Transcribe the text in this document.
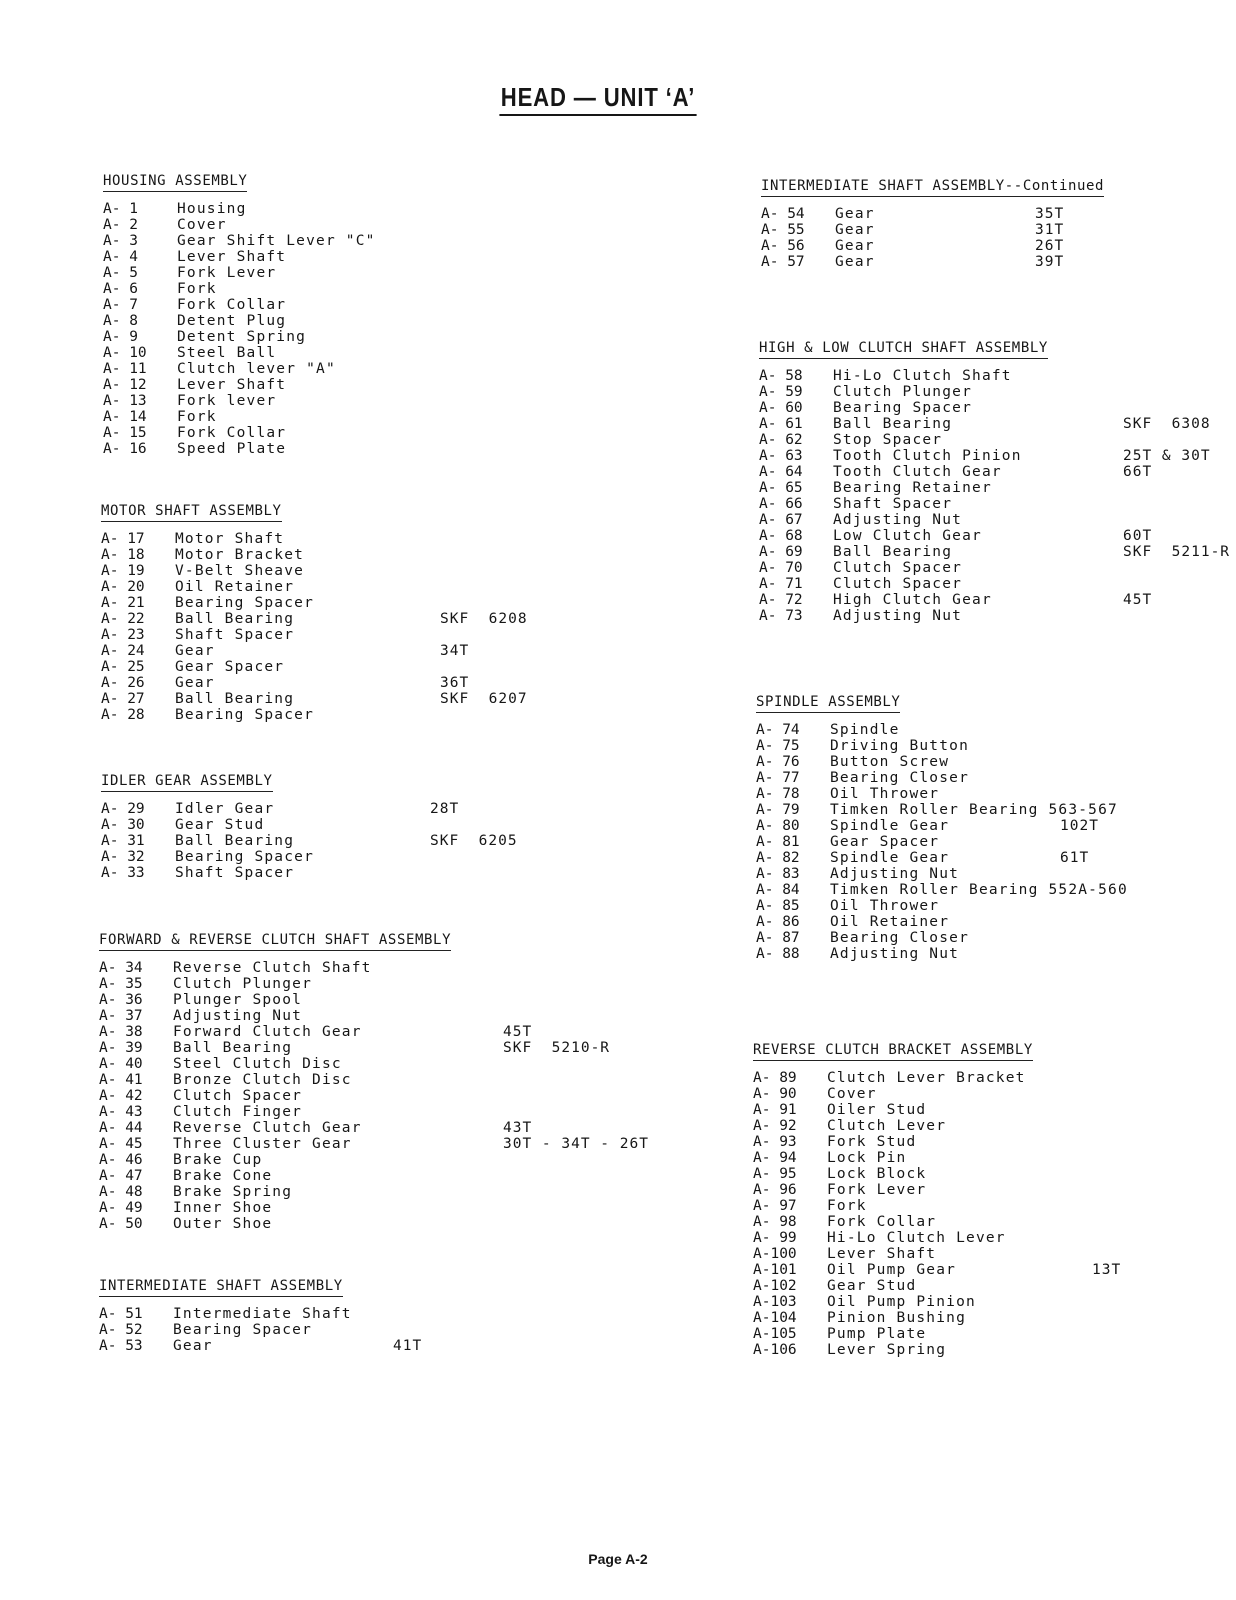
HEAD — UNIT ‘A’
HOUSING ASSEMBLY
A- 1	Housing
A- 2	Cover
A- 3	Gear Shift Lever "C"
A- 4	Lever Shaft
A- 5	Fork Lever
A- 6	Fork
A- 7	Fork Collar
A- 8	Detent Plug
A- 9	Detent Spring
A- 10	Steel Ball
A- 11	Clutch lever "A"
A- 12	Lever Shaft
A- 13	Fork lever
A- 14	Fork
A- 15	Fork Collar
A- 16	Speed Plate
MOTOR SHAFT ASSEMBLY
A- 17	Motor Shaft
A- 18	Motor Bracket
A- 19	V-Belt Sheave
A- 20	Oil Retainer
A- 21	Bearing Spacer
A- 22	Ball Bearing	SKF  6208
A- 23	Shaft Spacer
A- 24	Gear	34T
A- 25	Gear Spacer
A- 26	Gear	36T
A- 27	Ball Bearing	SKF  6207
A- 28	Bearing Spacer
IDLER GEAR ASSEMBLY
A- 29	Idler Gear	28T
A- 30	Gear Stud
A- 31	Ball Bearing	SKF  6205
A- 32	Bearing Spacer
A- 33	Shaft Spacer
FORWARD & REVERSE CLUTCH SHAFT ASSEMBLY
A- 34	Reverse Clutch Shaft
A- 35	Clutch Plunger
A- 36	Plunger Spool
A- 37	Adjusting Nut
A- 38	Forward Clutch Gear	45T
A- 39	Ball Bearing	SKF  5210-R
A- 40	Steel Clutch Disc
A- 41	Bronze Clutch Disc
A- 42	Clutch Spacer
A- 43	Clutch Finger
A- 44	Reverse Clutch Gear	43T
A- 45	Three Cluster Gear	30T - 34T - 26T
A- 46	Brake Cup
A- 47	Brake Cone
A- 48	Brake Spring
A- 49	Inner Shoe
A- 50	Outer Shoe
INTERMEDIATE SHAFT ASSEMBLY
A- 51	Intermediate Shaft
A- 52	Bearing Spacer
A- 53	Gear	41T
INTERMEDIATE SHAFT ASSEMBLY--Continued
A- 54	Gear	35T
A- 55	Gear	31T
A- 56	Gear	26T
A- 57	Gear	39T
HIGH & LOW CLUTCH SHAFT ASSEMBLY
A- 58	Hi-Lo Clutch Shaft
A- 59	Clutch Plunger
A- 60	Bearing Spacer
A- 61	Ball Bearing	SKF  6308
A- 62	Stop Spacer
A- 63	Tooth Clutch Pinion	25T & 30T
A- 64	Tooth Clutch Gear	66T
A- 65	Bearing Retainer
A- 66	Shaft Spacer
A- 67	Adjusting Nut
A- 68	Low Clutch Gear	60T
A- 69	Ball Bearing	SKF  5211-R
A- 70	Clutch Spacer
A- 71	Clutch Spacer
A- 72	High Clutch Gear	45T
A- 73	Adjusting Nut
SPINDLE ASSEMBLY
A- 74	Spindle
A- 75	Driving Button
A- 76	Button Screw
A- 77	Bearing Closer
A- 78	Oil Thrower
A- 79	Timken Roller Bearing 563-567
A- 80	Spindle Gear	102T
A- 81	Gear Spacer
A- 82	Spindle Gear	61T
A- 83	Adjusting Nut
A- 84	Timken Roller Bearing 552A-560
A- 85	Oil Thrower
A- 86	Oil Retainer
A- 87	Bearing Closer
A- 88	Adjusting Nut
REVERSE CLUTCH BRACKET ASSEMBLY
A- 89	Clutch Lever Bracket
A- 90	Cover
A- 91	Oiler Stud
A- 92	Clutch Lever
A- 93	Fork Stud
A- 94	Lock Pin
A- 95	Lock Block
A- 96	Fork Lever
A- 97	Fork
A- 98	Fork Collar
A- 99	Hi-Lo Clutch Lever
A-100	Lever Shaft
A-101	Oil Pump Gear	13T
A-102	Gear Stud
A-103	Oil Pump Pinion
A-104	Pinion Bushing
A-105	Pump Plate
A-106	Lever Spring
Page A-2
